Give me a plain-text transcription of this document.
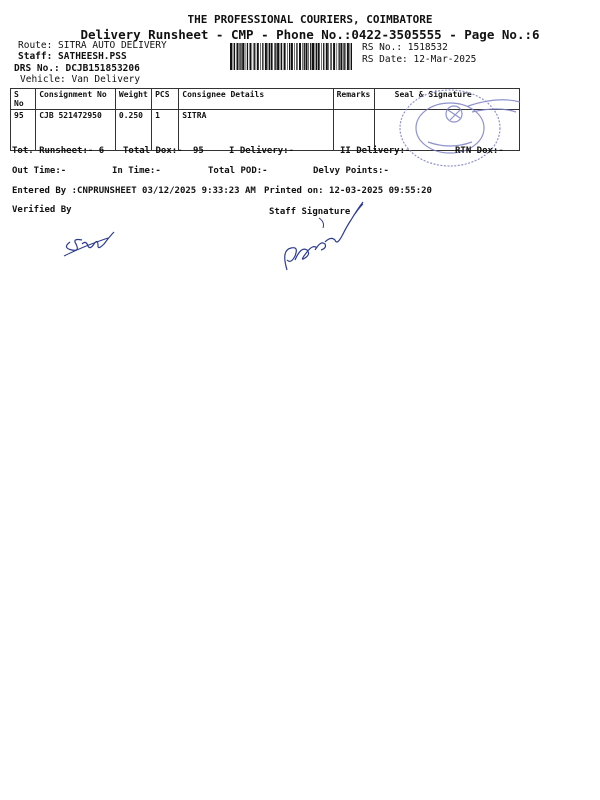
THE PROFESSIONAL COURIERS, COIMBATORE
Delivery Runsheet - CMP - Phone No.:0422-3505555 - Page No.:6
Route: SITRA AUTO DELIVERY
Staff: SATHEESH.PSS
DRS No.: DCJB151853206
Vehicle: Van Delivery
RS No.: 1518532
RS Date: 12-Mar-2025
S No	Consignment No	Weight	PCS	Consignee Details	Remarks	Seal & Signature
95	CJB 521472950	0.250	1	SITRA		
Tot. Runsheet:- 6 Total Dox:- 95	I Delivery:-	II Delivery:-	RTN Dox:-
Out Time:-	In Time:-	Total POD:-	Delvy Points:-
Entered By :CNPRUNSHEET 03/12/2025 9:33:23 AM Printed on: 12-03-2025 09:55:20
Verified By	Staff Signature
